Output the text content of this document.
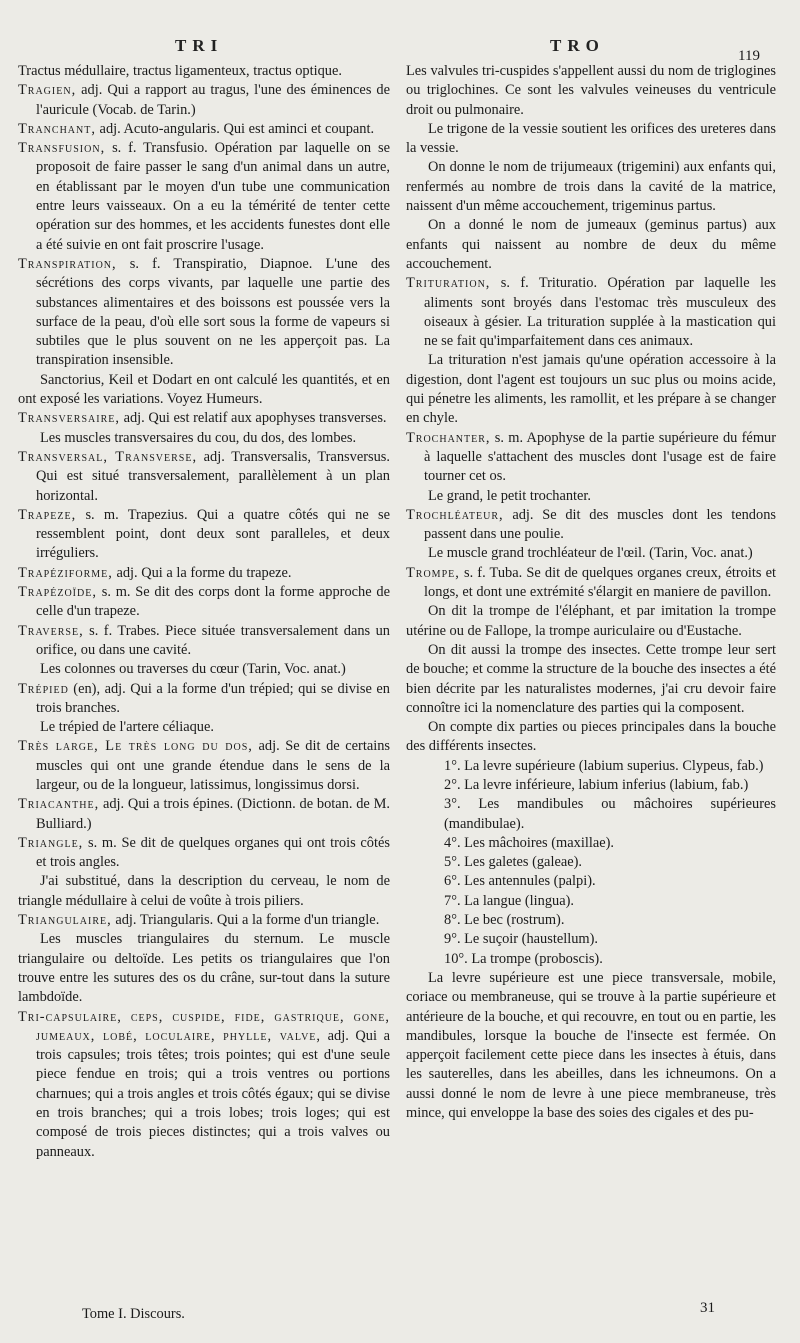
TRI	TRO
119
Tractus médullaire, tractus ligamenteux, tractus optique.
Tragien, adj. Qui a rapport au tragus, l'une des éminences de l'auricule (Vocab. de Tarin.)
Tranchant, adj. Acuto-angularis. Qui est aminci et coupant.
Transfusion, s. f. Transfusio. Opération par laquelle on se proposoit de faire passer le sang d'un animal dans un autre, en établissant par le moyen d'un tube une communication entre leurs vaisseaux. On a eu la témérité de tenter cette opération sur des hommes, et les accidents funestes dont elle a été suivie en ont fait proscrire l'usage.
Transpiration, s. f. Transpiratio, Diapnoe. L'une des sécrétions des corps vivants, par laquelle une partie des substances alimentaires et des boissons est poussée vers la surface de la peau, d'où elle sort sous la forme de vapeurs si subtiles que le plus souvent on ne les apperçoit pas. La transpiration insensible.
Sanctorius, Keil et Dodart en ont calculé les quantités, et en ont exposé les variations. Voyez Humeurs.
Transversaire, adj. Qui est relatif aux apophyses transverses.
Les muscles transversaires du cou, du dos, des lombes.
Transversal, Transverse, adj. Transversalis, Transversus. Qui est situé transversalement, parallèlement à un plan horizontal.
Trapeze, s. m. Trapezius. Qui a quatre côtés qui ne se ressemblent point, dont deux sont paralleles, et deux irréguliers.
Trapéziforme, adj. Qui a la forme du trapeze.
Trapézoïde, s. m. Se dit des corps dont la forme approche de celle d'un trapeze.
Traverse, s. f. Trabes. Piece située transversalement dans un orifice, ou dans une cavité.
Les colonnes ou traverses du cœur (Tarin, Voc. anat.)
Trépied (en), adj. Qui a la forme d'un trépied; qui se divise en trois branches.
Le trépied de l'artere céliaque.
Très large, Le très long du dos, adj. Se dit de certains muscles qui ont une grande étendue dans le sens de la largeur, ou de la longueur, latissimus, longissimus dorsi.
Triacanthe, adj. Qui a trois épines. (Dictionn. de botan. de M. Bulliard.)
Triangle, s. m. Se dit de quelques organes qui ont trois côtés et trois angles.
J'ai substitué, dans la description du cerveau, le nom de triangle médullaire à celui de voûte à trois piliers.
Triangulaire, adj. Triangularis. Qui a la forme d'un triangle.
Les muscles triangulaires du sternum. Le muscle triangulaire ou deltoïde. Les petits os triangulaires que l'on trouve entre les sutures des os du crâne, sur-tout dans la suture lambdoïde.
Tri-capsulaire, ceps, cuspide, fide, gastrique, gone, jumeaux, lobé, loculaire, phylle, valve, adj. Qui a trois capsules; trois têtes; trois pointes; qui est d'une seule piece fendue en trois; qui a trois ventres ou portions charnues; qui a trois angles et trois côtés égaux; qui se divise en trois branches; qui a trois lobes; trois loges; qui est composé de trois pieces distinctes; qui a trois valves ou panneaux.
Les valvules tri-cuspides s'appellent aussi du nom de triglogines ou triglochines. Ce sont les valvules veineuses du ventricule droit ou pulmonaire.
Le trigone de la vessie soutient les orifices des ureteres dans la vessie.
On donne le nom de trijumeaux (trigemini) aux enfants qui, renfermés au nombre de trois dans la cavité de la matrice, naissent d'un même accouchement, trigeminus partus.
On a donné le nom de jumeaux (geminus partus) aux enfants qui naissent au nombre de deux du même accouchement.
Trituration, s. f. Trituratio. Opération par laquelle les aliments sont broyés dans l'estomac très musculeux des oiseaux à gésier. La trituration supplée à la mastication qui ne se fait qu'imparfaitement dans ces animaux.
La trituration n'est jamais qu'une opération accessoire à la digestion, dont l'agent est toujours un suc plus ou moins acide, qui pénetre les aliments, les ramollit, et les prépare à se changer en chyle.
Trochanter, s. m. Apophyse de la partie supérieure du fémur à laquelle s'attachent des muscles dont l'usage est de faire tourner cet os.
Le grand, le petit trochanter.
Trochléateur, adj. Se dit des muscles dont les tendons passent dans une poulie.
Le muscle grand trochléateur de l'œil. (Tarin, Voc. anat.)
Trompe, s. f. Tuba. Se dit de quelques organes creux, étroits et longs, et dont une extrémité s'élargit en maniere de pavillon.
On dit la trompe de l'éléphant, et par imitation la trompe utérine ou de Fallope, la trompe auriculaire ou d'Eustache.
On dit aussi la trompe des insectes. Cette trompe leur sert de bouche; et comme la structure de la bouche des insectes a été bien décrite par les naturalistes modernes, j'ai cru devoir faire connoître ici la nomenclature des parties qui la composent.
On compte dix parties ou pieces principales dans la bouche des différents insectes.
1°. La levre supérieure (labium superius. Clypeus, fab.)
2°. La levre inférieure, labium inferius (labium, fab.)
3°. Les mandibules ou mâchoires supérieures (mandibulae).
4°. Les mâchoires (maxillae).
5°. Les galetes (galeae).
6°. Les antennules (palpi).
7°. La langue (lingua).
8°. Le bec (rostrum).
9°. Le suçoir (haustellum).
10°. La trompe (proboscis).
La levre supérieure est une piece transversale, mobile, coriace ou membraneuse, qui se trouve à la partie supérieure et antérieure de la bouche, et qui recouvre, en tout ou en partie, les mandibules, lorsque la bouche de l'insecte est fermée. On apperçoit facilement cette piece dans les insectes à étuis, dans les sauterelles, dans les abeilles, dans les ichneumons. On a aussi donné le nom de levre à une piece membraneuse, très mince, qui enveloppe la base des soies des cigales et des pu-
Tome I. Discours.	31
